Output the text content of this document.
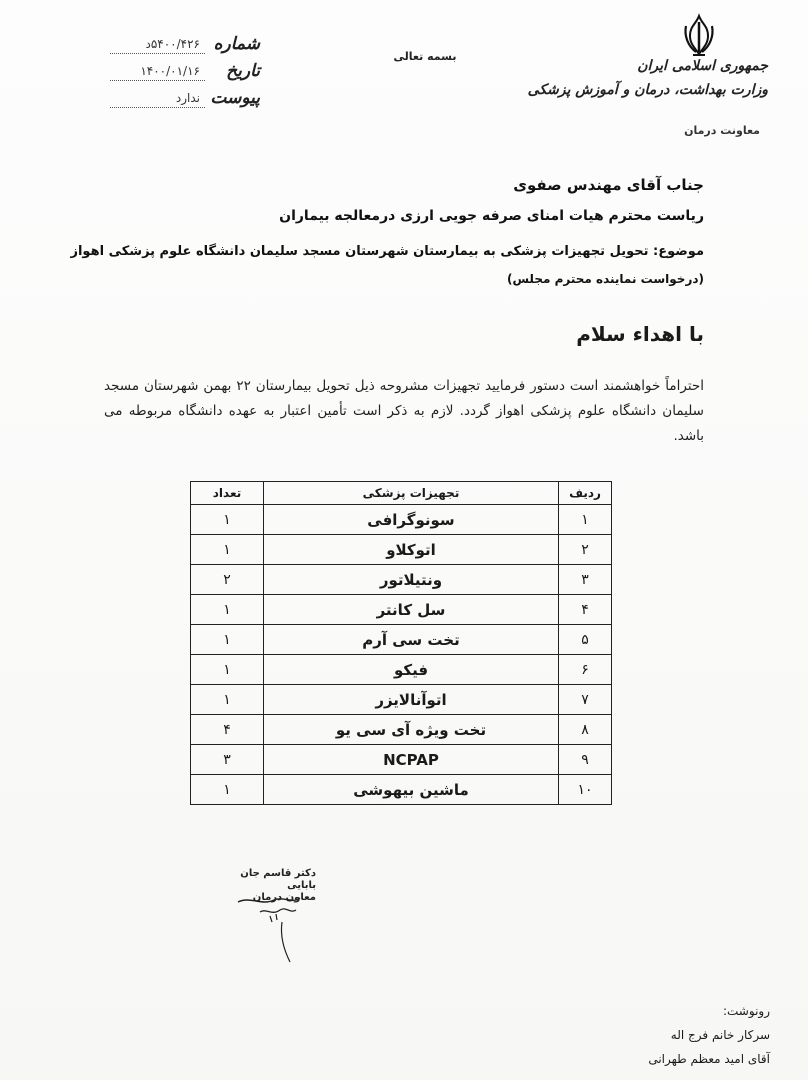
شماره
۵۴۰۰/۴۲۶د
تاریخ
۱۴۰۰/۰۱/۱۶
پیوست
ندارد
بسمه تعالی
جمهوری اسلامی ایران
وزارت بهداشت، درمان و آموزش پزشکی
معاونت درمان
جناب آقای مهندس صفوی
ریاست محترم هیات امنای صرفه جویی ارزی درمعالجه بیماران
موضوع: تحویل تجهیزات پزشکی به بیمارستان شهرستان مسجد سلیمان دانشگاه علوم پزشکی اهواز
(درخواست نماینده محترم مجلس)
با اهداء سلام
احتراماً خواهشمند است دستور فرمایید تجهیزات مشروحه ذیل تحویل بیمارستان ۲۲ بهمن شهرستان مسجد سلیمان دانشگاه علوم پزشکی اهواز گردد. لازم به ذکر است تأمین اعتبار به عهده دانشگاه مربوطه می باشد.
ردیف	تجهیزات پزشکی	تعداد
۱	سونوگرافی	۱
۲	اتوکلاو	۱
۳	ونتیلاتور	۲
۴	سل کانتر	۱
۵	تخت سی آرم	۱
۶	فیکو	۱
۷	اتوآنالایزر	۱
۸	تخت ویژه آی سی یو	۴
۹	NCPAP	۳
۱۰	ماشین بیهوشی	۱
دکتر قاسم جان بابایی
معاون درمان
رونوشت:
سرکار خانم فرج اله
آقای امید معظم طهرانی
